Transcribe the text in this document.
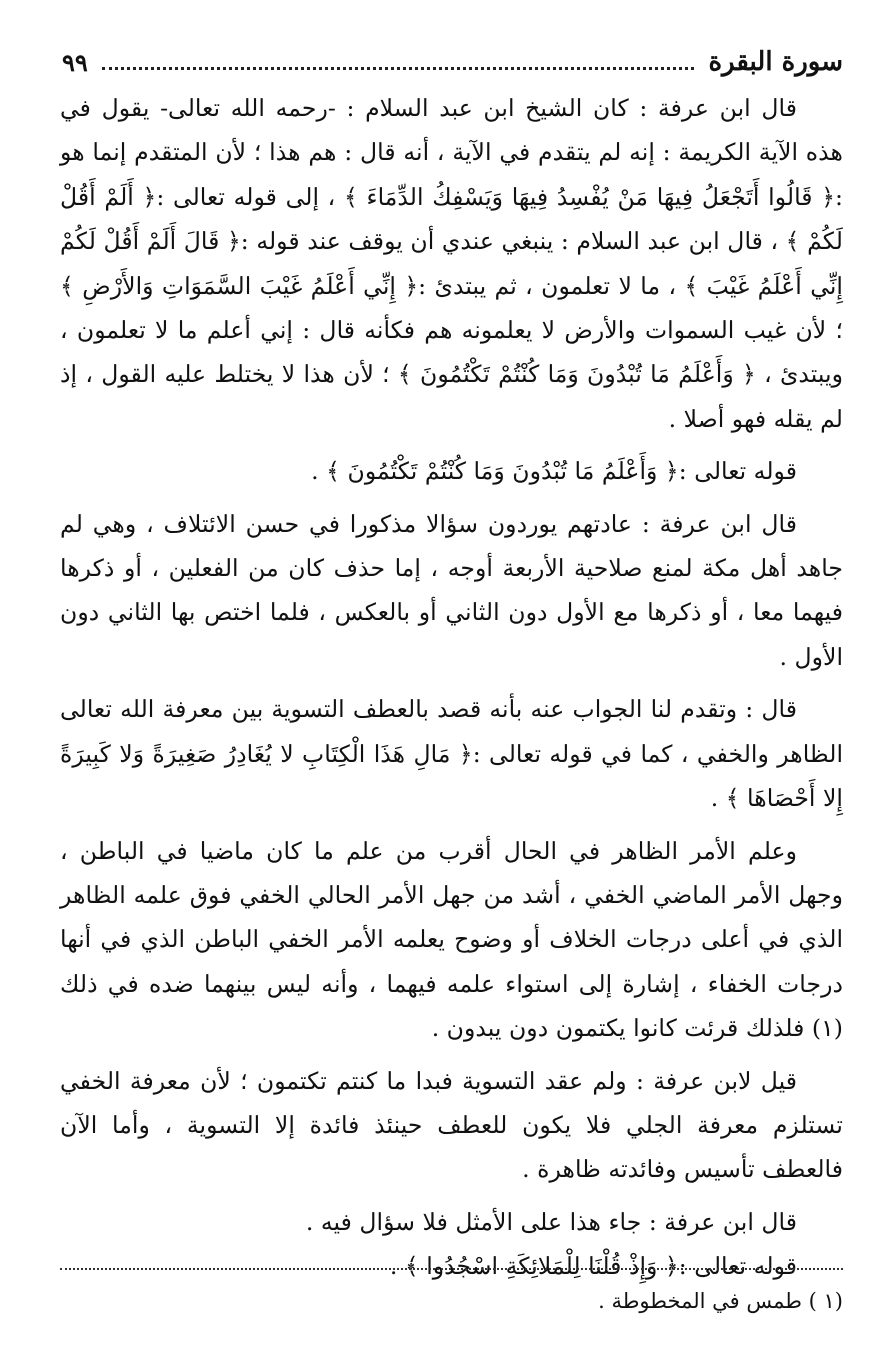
سورة البقرة
٩٩

قال ابن عرفة : كان الشيخ ابن عبد السلام : -رحمه الله تعالى- يقول في هذه الآية الكريمة : إنه لم يتقدم في الآية ، أنه قال : هم هذا ؛ لأن المتقدم إنما هو :﴿ قَالُوا أَتَجْعَلُ فِيهَا مَنْ يُفْسِدُ فِيهَا وَيَسْفِكُ الدِّمَاءَ ﴾ ، إلى قوله تعالى :﴿ أَلَمْ أَقُلْ لَكُمْ ﴾ ، قال ابن عبد السلام : ينبغي عندي أن يوقف عند قوله :﴿ قَالَ أَلَمْ أَقُلْ لَكُمْ إِنِّي أَعْلَمُ غَيْبَ ﴾ ، ما لا تعلمون ، ثم يبتدئ :﴿ إِنِّي أَعْلَمُ غَيْبَ السَّمَوَاتِ وَالأَرْضِ ﴾ ؛ لأن غيب السموات والأرض لا يعلمونه هم فكأنه قال : إني أعلم ما لا تعلمون ، ويبتدئ ، ﴿ وَأَعْلَمُ مَا تُبْدُونَ وَمَا كُنْتُمْ تَكْتُمُونَ ﴾ ؛ لأن هذا لا يختلط عليه القول ، إذ لم يقله فهو أصلا .

قوله تعالى :﴿ وَأَعْلَمُ مَا تُبْدُونَ وَمَا كُنْتُمْ تَكْتُمُونَ ﴾ .

قال ابن عرفة : عادتهم يوردون سؤالا مذكورا في حسن الائتلاف ، وهي لم جاهد أهل مكة لمنع صلاحية الأربعة أوجه ، إما حذف كان من الفعلين ، أو ذكرها فيهما معا ، أو ذكرها مع الأول دون الثاني أو بالعكس ، فلما اختص بها الثاني دون الأول .

قال : وتقدم لنا الجواب عنه بأنه قصد بالعطف التسوية بين معرفة الله تعالى الظاهر والخفي ، كما في قوله تعالى :﴿ مَالِ هَذَا الْكِتَابِ لا يُغَادِرُ صَغِيرَةً وَلا كَبِيرَةً إِلا أَحْصَاهَا ﴾ .

وعلم الأمر الظاهر في الحال أقرب من علم ما كان ماضيا في الباطن ، وجهل الأمر الماضي الخفي ، أشد من جهل الأمر الحالي الخفي فوق علمه الظاهر الذي في أعلى درجات الخلاف أو وضوح يعلمه الأمر الخفي الباطن الذي في أنها درجات الخفاء ، إشارة إلى استواء علمه فيهما ، وأنه ليس بينهما ضده في ذلك (١) فلذلك قرئت كانوا يكتمون دون يبدون .

قيل لابن عرفة : ولم عقد التسوية فبدا ما كنتم تكتمون ؛ لأن معرفة الخفي تستلزم معرفة الجلي فلا يكون للعطف حينئذ فائدة إلا التسوية ، وأما الآن فالعطف تأسيس وفائدته ظاهرة .

قال ابن عرفة : جاء هذا على الأمثل فلا سؤال فيه .

قوله تعالى :﴿ وَإِذْ قُلْنَا لِلْمَلائِكَةِ اسْجُدُوا ﴾ .

(١ ) طمس في المخطوطة .
